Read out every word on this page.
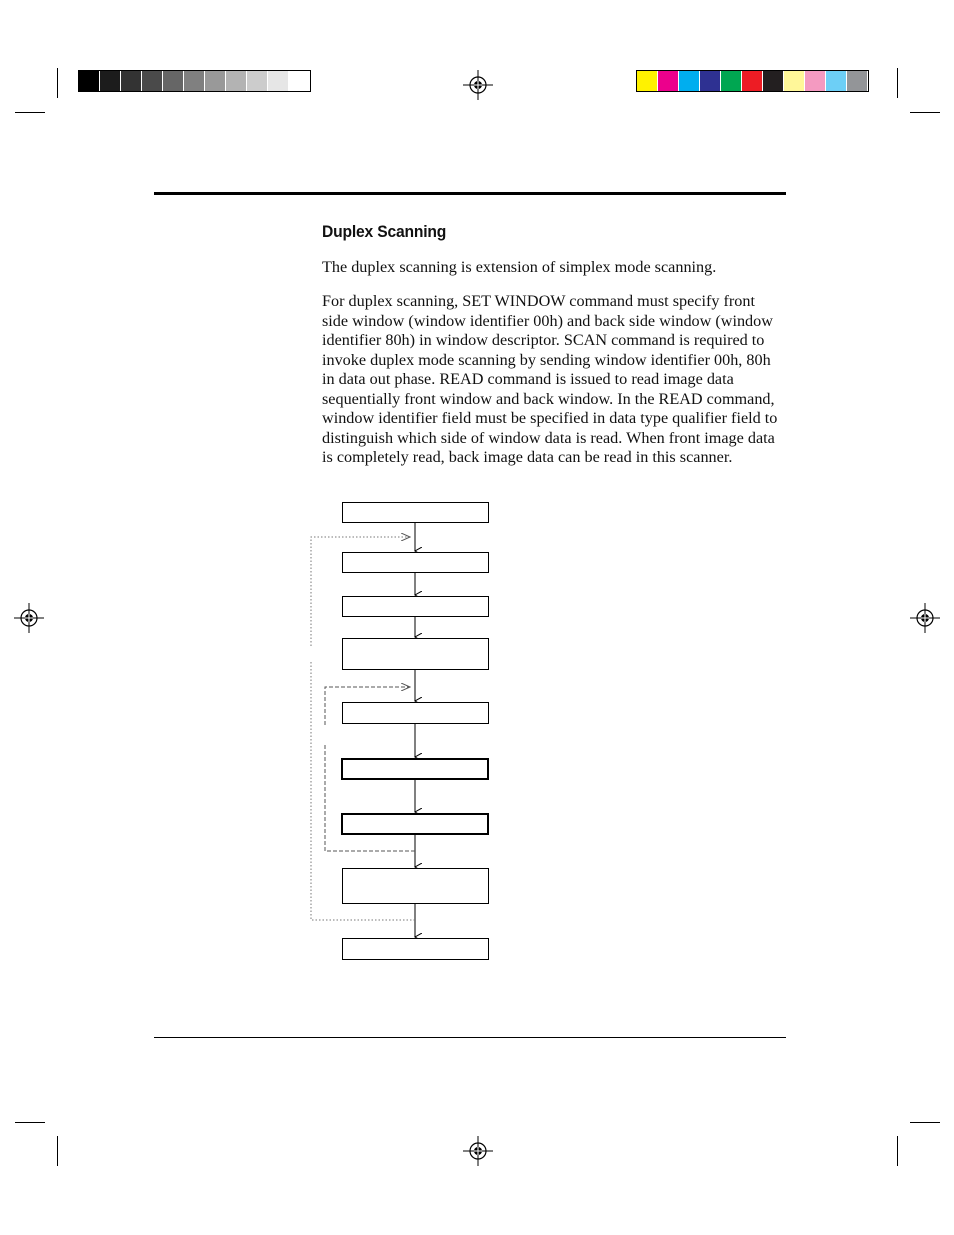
Duplex Scanning

The duplex scanning is extension of simplex mode scanning.

For duplex scanning, SET WINDOW command must specify front side window (window identifier 00h) and back side window (window identifier 80h) in window descriptor. SCAN command is required to invoke duplex mode scanning by sending window identifier 00h, 80h in data out phase. READ command is issued to read image data sequentially front window and back window. In the READ command, window identifier field must be specified in data type qualifier field to distinguish which side of window data is read. When front image data is completely read, back image data can be read in this scanner.
